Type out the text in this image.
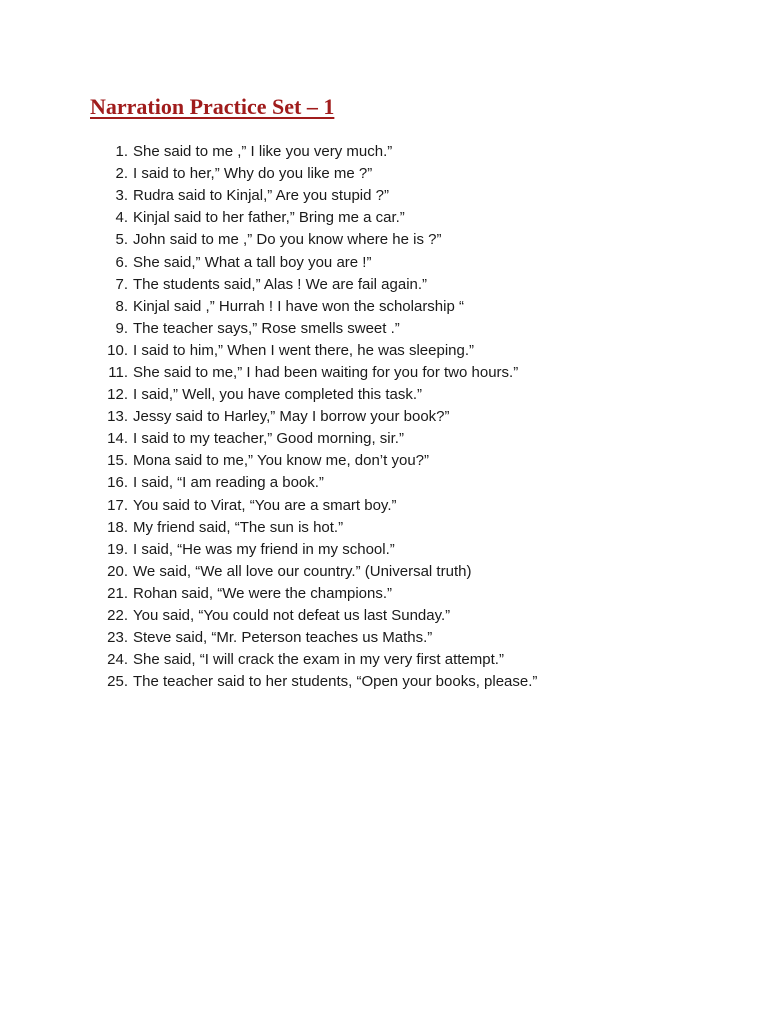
Narration Practice Set – 1
1. She said to me ,” I like you very much.”
2. I said to her,” Why do you like me ?”
3. Rudra said to Kinjal,” Are you stupid ?”
4. Kinjal said to her father,” Bring me a car.”
5. John said to me ,” Do you know where he is ?”
6. She said,” What a tall boy you are !”
7. The students said,” Alas ! We are fail again.”
8. Kinjal said ,” Hurrah ! I have won the scholarship “
9. The teacher says,” Rose smells sweet .”
10. I said to him,” When I went there, he was sleeping.”
11. She said to me,” I had been waiting for you for two hours.”
12. I said,” Well, you have completed this task.”
13. Jessy said to Harley,” May I borrow your book?”
14. I said to my teacher,” Good morning, sir.”
15. Mona said to me,” You know me, don’t you?”
16. I said, “I am reading a book.”
17. You said to Virat, “You are a smart boy.”
18. My friend said, “The sun is hot.”
19. I said, “He was my friend in my school.”
20. We said, “We all love our country.” (Universal truth)
21. Rohan said, “We were the champions.”
22. You said, “You could not defeat us last Sunday.”
23. Steve said, “Mr. Peterson teaches us Maths.”
24. She said, “I will crack the exam in my very first attempt.”
25. The teacher said to her students, “Open your books, please.”
